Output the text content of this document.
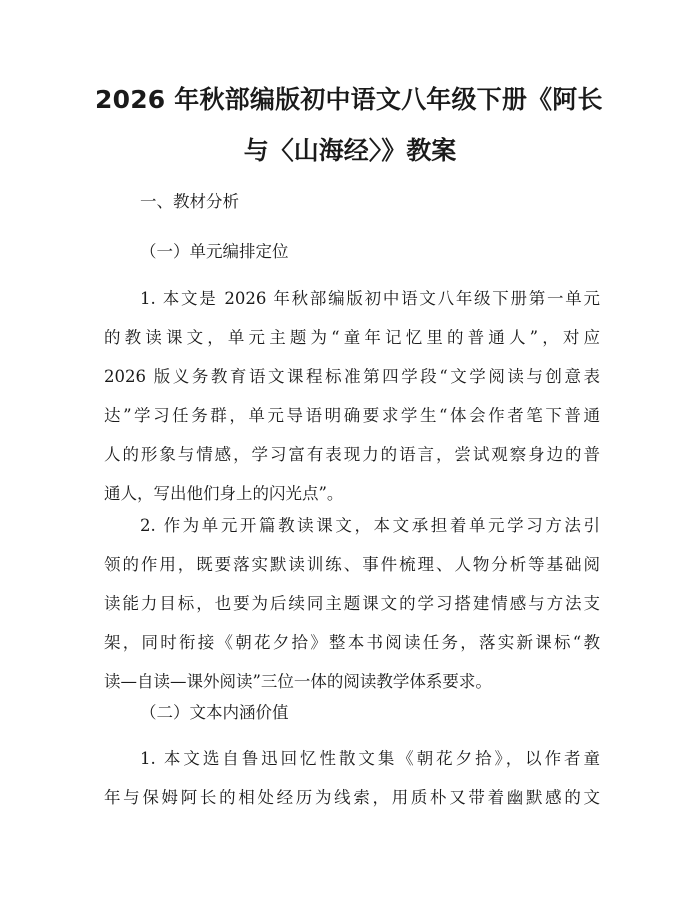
2026 年秋部编版初中语文八年级下册《阿长
与〈山海经〉》教案
一、教材分析
（一）单元编排定位
1. 本文是 2026 年秋部编版初中语文八年级下册第一单元
的教读课文，单元主题为“童年记忆里的普通人”，对应
2026 版义务教育语文课程标准第四学段“文学阅读与创意表
达”学习任务群，单元导语明确要求学生“体会作者笔下普通
人的形象与情感，学习富有表现力的语言，尝试观察身边的普
通人，写出他们身上的闪光点”。
2. 作为单元开篇教读课文，本文承担着单元学习方法引
领的作用，既要落实默读训练、事件梳理、人物分析等基础阅
读能力目标，也要为后续同主题课文的学习搭建情感与方法支
架，同时衔接《朝花夕拾》整本书阅读任务，落实新课标“教
读—自读—课外阅读”三位一体的阅读教学体系要求。
（二）文本内涵价值
1. 本文选自鲁迅回忆性散文集《朝花夕拾》，以作者童
年与保姆阿长的相处经历为线索，用质朴又带着幽默感的文
